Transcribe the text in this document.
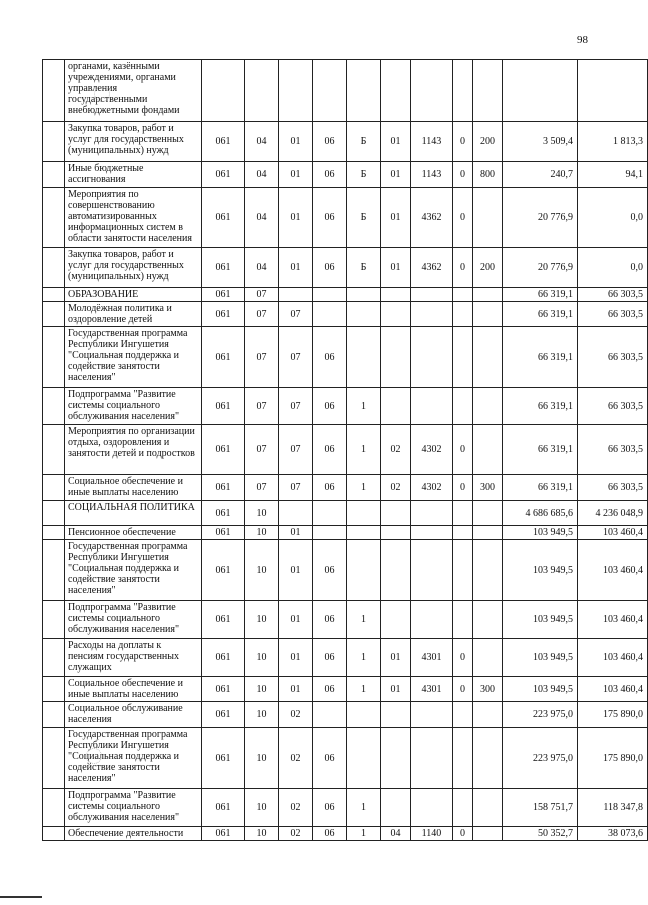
98
	органами, казёнными учреждениями, органами управления государственными внебюджетными фондами											
	Закупка товаров, работ и услуг для государственных (муниципальных) нужд	061	04	01	06	Б	01	1143	0	200	3 509,4	1 813,3
	Иные бюджетные ассигнования	061	04	01	06	Б	01	1143	0	800	240,7	94,1
	Мероприятия по совершенствованию автоматизированных информационных систем в области занятости населения	061	04	01	06	Б	01	4362	0		20 776,9	0,0
	Закупка товаров, работ и услуг для государственных (муниципальных) нужд	061	04	01	06	Б	01	4362	0	200	20 776,9	0,0
	ОБРАЗОВАНИЕ	061	07								66 319,1	66 303,5
	Молодёжная политика и оздоровление детей	061	07	07							66 319,1	66 303,5
	Государственная программа Республики Ингушетия "Социальная поддержка и содействие занятости населения"	061	07	07	06						66 319,1	66 303,5
	Подпрограмма "Развитие системы социального обслуживания населения"	061	07	07	06	1					66 319,1	66 303,5
	Мероприятия по организации отдыха, оздоровления и занятости детей и подростков	061	07	07	06	1	02	4302	0		66 319,1	66 303,5
	Социальное обеспечение и иные выплаты населению	061	07	07	06	1	02	4302	0	300	66 319,1	66 303,5
	СОЦИАЛЬНАЯ ПОЛИТИКА	061	10								4 686 685,6	4 236 048,9
	Пенсионное обеспечение	061	10	01							103 949,5	103 460,4
	Государственная программа Республики Ингушетия "Социальная поддержка и содействие занятости населения"	061	10	01	06						103 949,5	103 460,4
	Подпрограмма "Развитие системы социального обслуживания населения"	061	10	01	06	1					103 949,5	103 460,4
	Расходы на доплаты к пенсиям государственных служащих	061	10	01	06	1	01	4301	0		103 949,5	103 460,4
	Социальное обеспечение и иные выплаты населению	061	10	01	06	1	01	4301	0	300	103 949,5	103 460,4
	Социальное обслуживание населения	061	10	02							223 975,0	175 890,0
	Государственная программа Республики Ингушетия "Социальная поддержка и содействие занятости населения"	061	10	02	06						223 975,0	175 890,0
	Подпрограмма "Развитие системы социального обслуживания населения"	061	10	02	06	1					158 751,7	118 347,8
	Обеспечение деятельности	061	10	02	06	1	04	1140	0		50 352,7	38 073,6
